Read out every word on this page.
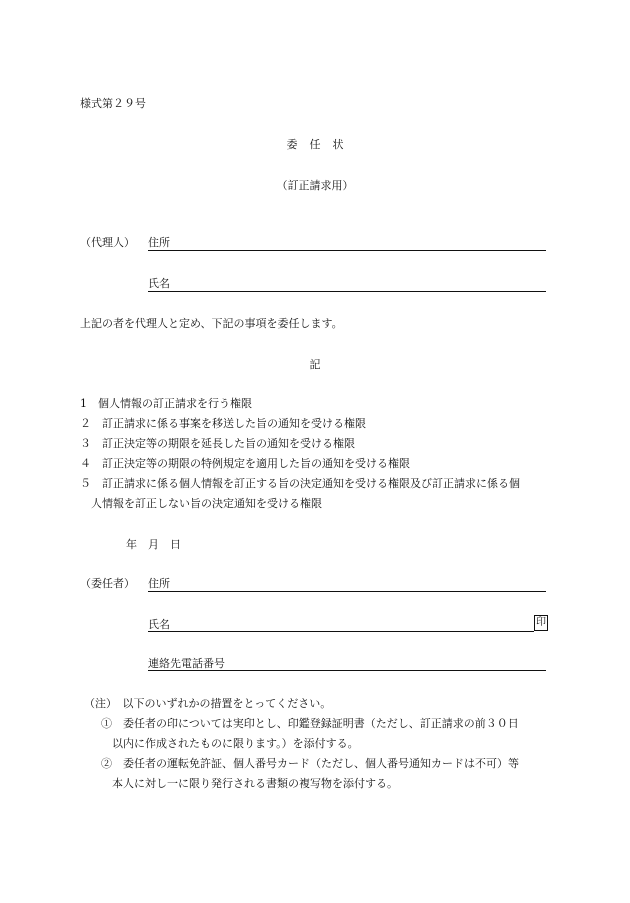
様式第２９号
委任状
（訂正請求用）
（代理人） 住所
氏名
上記の者を代理人と定め、下記の事項を委任します。
記
1　個人情報の訂正請求を行う権限
２　訂正請求に係る事案を移送した旨の通知を受ける権限
３　訂正決定等の期限を延長した旨の通知を受ける権限
４　訂正決定等の期限の特例規定を適用した旨の通知を受ける権限
５　訂正請求に係る個人情報を訂正する旨の決定通知を受ける権限及び訂正請求に係る個
人情報を訂正しない旨の決定通知を受ける権限
年　月　日
（委任者） 住所
氏名	印
連絡先電話番号
（注）　以下のいずれかの措置をとってください。
①　委任者の印については実印とし、印鑑登録証明書（ただし、訂正請求の前３０日
以内に作成されたものに限ります。）を添付する。
②　委任者の運転免許証、個人番号カード（ただし、個人番号通知カードは不可）等
本人に対し一に限り発行される書類の複写物を添付する。
